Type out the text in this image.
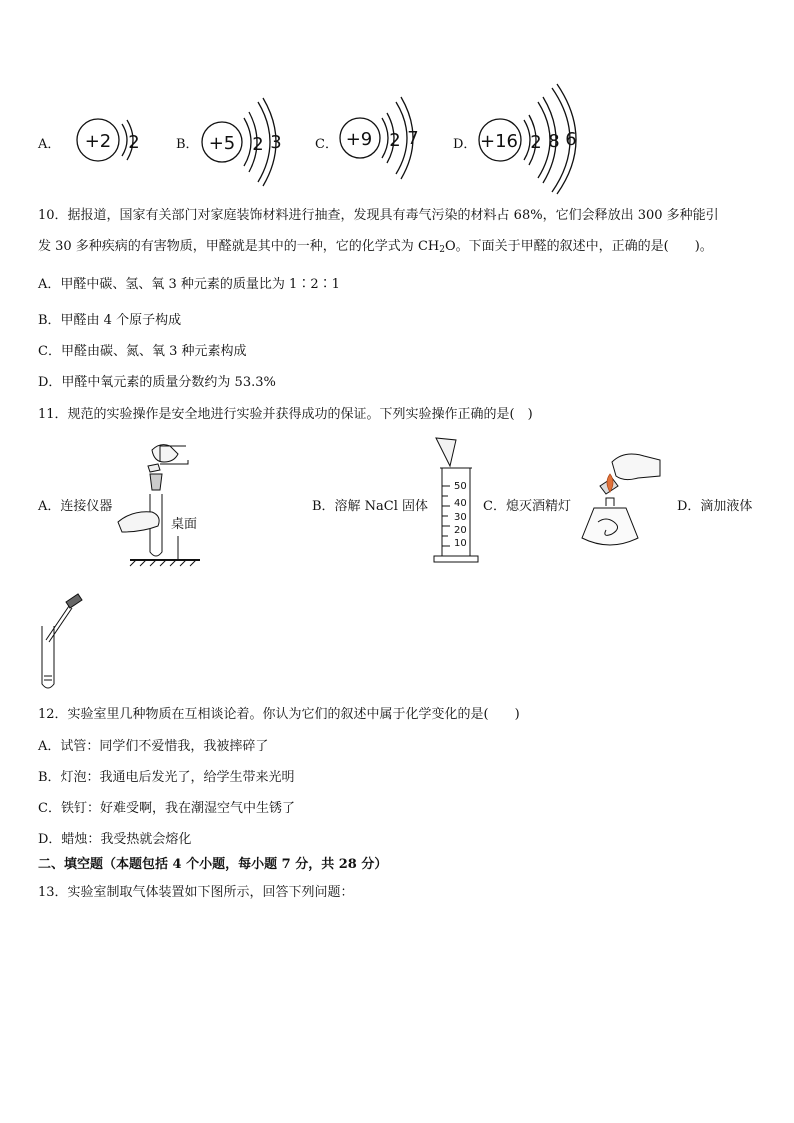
A．	B．	C．	D．
+2 2	+5 2 3	+9 2 7	+16 2 8 6
10．据报道，国家有关部门对家庭装饰材料进行抽查，发现具有毒气污染的材料占 68%，它们会释放出 300 多种能引
发 30 多种疾病的有害物质，甲醛就是其中的一种，它的化学式为 $CH_2O$。下面关于甲醛的叙述中，正确的是(　　)。
A．甲醛中碳、氢、氧 3 种元素的质量比为 1∶2∶1
B．甲醛由 4 个原子构成
C．甲醛由碳、氮、氧 3 种元素构成
D．甲醛中氧元素的质量分数约为 53.3%
11．规范的实验操作是安全地进行实验并获得成功的保证。下列实验操作正确的是(　)
A．连接仪器
桌面
B．溶解 NaCl 固体	C．熄灭酒精灯	D．滴加液体
50
40
30
20
10
12．实验室里几种物质在互相谈论着。你认为它们的叙述中属于化学变化的是(　　)
A．试管：同学们不爱惜我，我被摔碎了
B．灯泡：我通电后发光了，给学生带来光明
C．铁钉：好难受啊，我在潮湿空气中生锈了
D．蜡烛：我受热就会熔化
二、填空题（本题包括 4 个小题，每小题 7 分，共 28 分）
13．实验室制取气体装置如下图所示，回答下列问题：
